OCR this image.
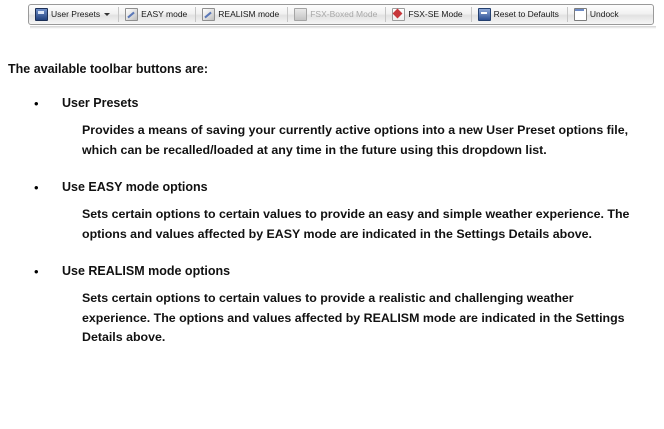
User Presets	EASY mode	REALISM mode	FSX-Boxed Mode	FSX-SE Mode	Reset to Defaults	Undock

The available toolbar buttons are:

•	User Presets

Provides a means of saving your currently active options into a new User Preset options file, which can be recalled/loaded at any time in the future using this dropdown list.

•	Use EASY mode options

Sets certain options to certain values to provide an easy and simple weather experience. The options and values affected by EASY mode are indicated in the Settings Details above.

•	Use REALISM mode options

Sets certain options to certain values to provide a realistic and challenging weather experience. The options and values affected by REALISM mode are indicated in the Settings Details above.
